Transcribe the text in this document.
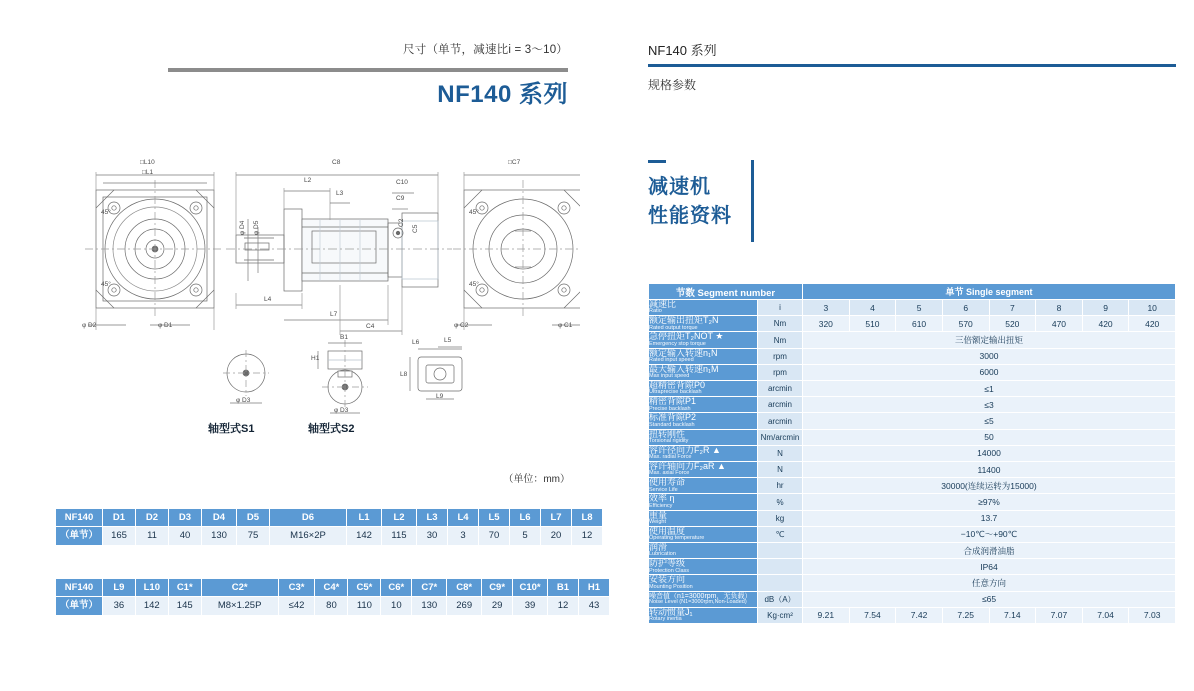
尺寸（单节，减速比i = 3～10）
NF140 系列
□L10
□L1
C8
L2
L3
C10
C9
□C7
45°
45°
45°
45°
φ D4 φ D5
φ D2	φ D1	φ C2	φ C1
C2
C5
L4
L7
C4
B1
H1
φ D3
φ D3
L6	L5
L8
L9
轴型式S1	轴型式S2
（单位：mm）
NF140	D1	D2	D3	D4	D5	D6	L1	L2	L3	L4	L5	L6	L7	L8
（单节）	165	11	40	130	75	M16×2P	142	115	30	3	70	5	20	12
NF140	L9	L10	C1*	C2*	C3*	C4*	C5*	C6*	C7*	C8*	C9*	C10*	B1	H1
（单节）	36	142	145	M8×1.25P	≤42	80	110	10	130	269	29	39	12	43
NF140 系列
规格参数
减速机
性能资料
节数 Segment number		单节 Single segment							

减速比
Ratio	i	3	4	5	6	7	8	9	10

额定输出扭矩T₂N
Rated output torque	Nm	320	510	610	570	520	470	420	420

急停扭矩T₂NOT ★
Emergency stop torque	Nm	三倍额定输出扭矩							

额定输入转速n₁N
Rated input speed	rpm	3000							

最大输入转速n₁M
Max input speed	rpm	6000							

超精密背隙P0
Ultraprecise backlash	arcmin	≤1							

精密背隙P1
Precise backlash	arcmin	≤3							

标准背隙P2
Standard backlash	arcmin	≤5							

扭转刚性
Torsional rigidity	Nm/arcmin	50							

容许径向力F₂R ▲
Max. radial Force	N	14000							

容许轴向力F₂aR ▲
Max. axial Force	N	11400							

使用寿命
Service Life	hr	30000(连续运转为15000)							

效率 η
Efficiency	%	≥97%							

重量
Weight	kg	13.7							

使用温度
Operating temperature	℃	−10℃～+90℃							

润滑
Lubrication		合成润滑油脂							

防护等级
Protection Class		IP64							

安装方向
Mounting Position		任意方向							

噪音值（n1=3000rpm，无负载）
Noise Level (N1=3000rpm,Non-Loaded)	dB（A）	≤65							

转动惯量J₁
Rotary inertia	Kg·cm²	9.21	7.54	7.42	7.25	7.14	7.07	7.04	7.03
